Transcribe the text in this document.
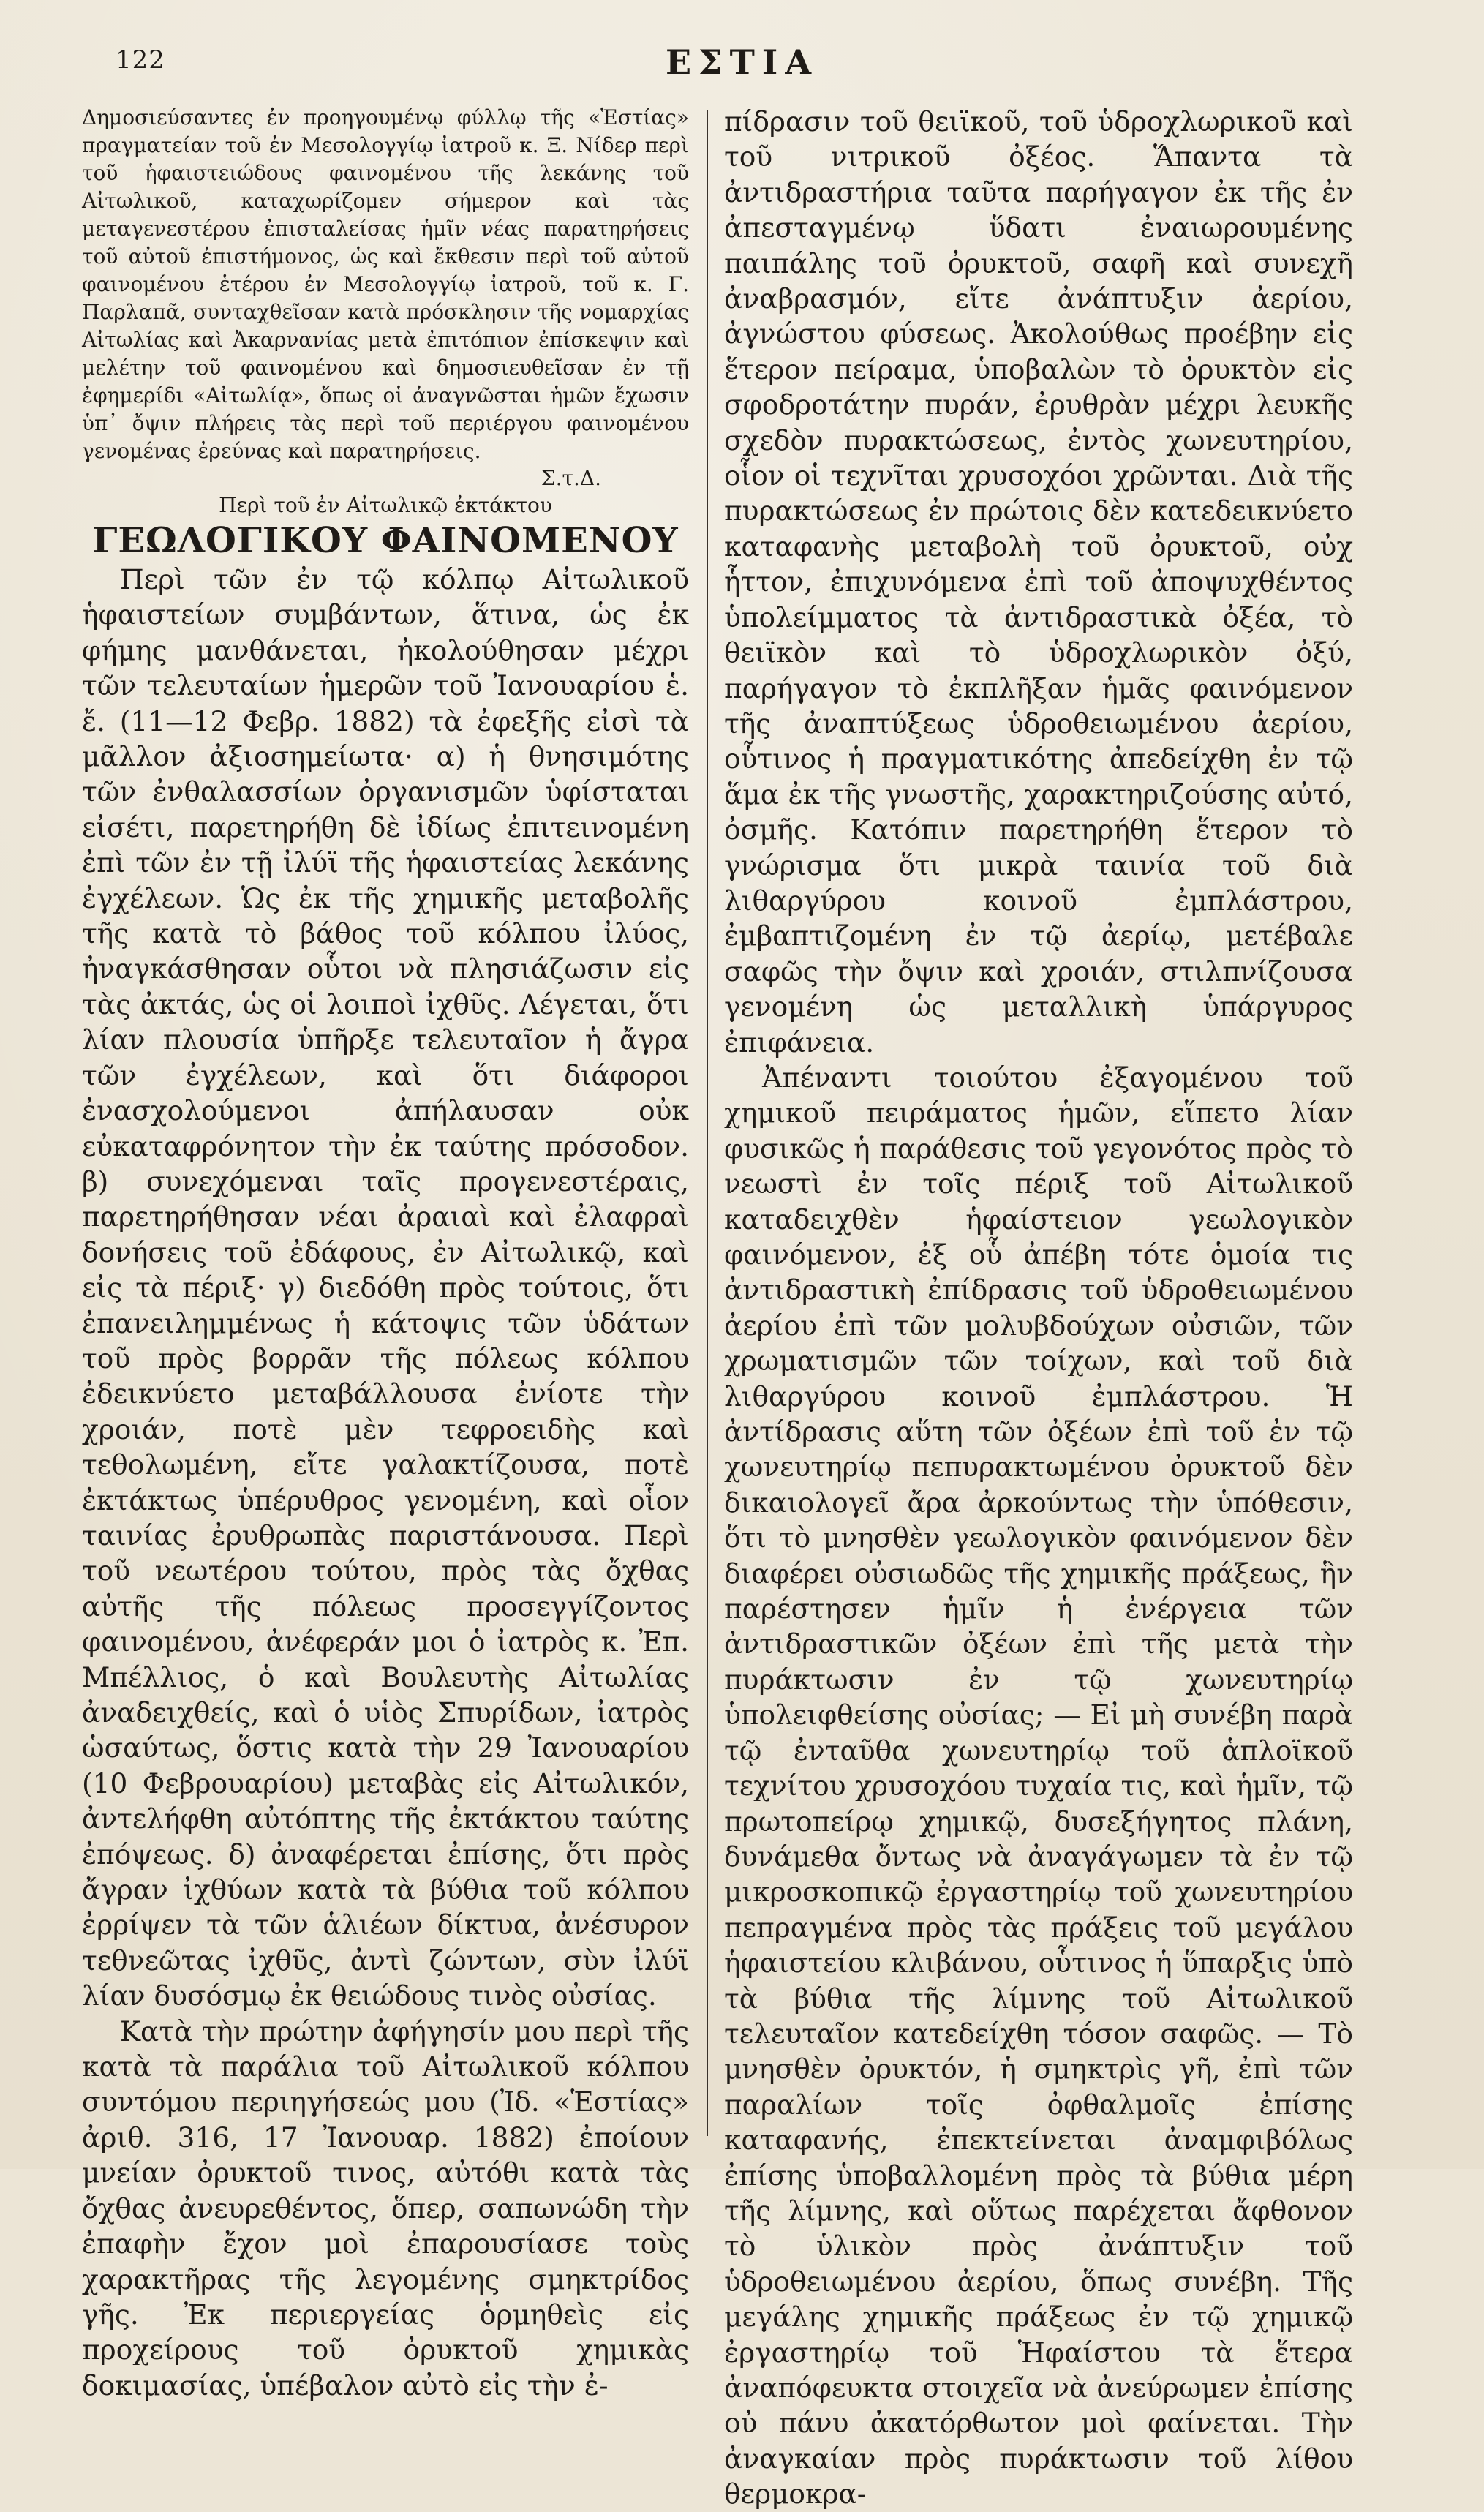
122	ΕΣΤΙΑ

Δημοσιεύσαντες ἐν προηγουμένῳ φύλλῳ τῆς «Ἑστίας» πραγματείαν τοῦ ἐν Μεσολογγίῳ ἰατροῦ κ. Ξ. Νίδερ περὶ τοῦ ἡφαιστειώδους φαινομένου τῆς λεκάνης τοῦ Αἰτωλικοῦ, καταχωρίζομεν σήμερον καὶ τὰς μεταγενεστέρου ἐπισταλείσας ἡμῖν νέας παρατηρήσεις τοῦ αὐτοῦ ἐπιστήμονος, ὡς καὶ ἔκθεσιν περὶ τοῦ αὐτοῦ φαινομένου ἑτέρου ἐν Μεσολογγίῳ ἰατροῦ, τοῦ κ. Γ. Παρλαπᾶ, συνταχθεῖσαν κατὰ πρόσκλησιν τῆς νομαρχίας Αἰτωλίας καὶ Ἀκαρνανίας μετὰ ἐπιτόπιον ἐπίσκεψιν καὶ μελέτην τοῦ φαινομένου καὶ δημοσιευθεῖσαν ἐν τῇ ἐφημερίδι «Αἰτωλίᾳ», ὅπως οἱ ἀναγνῶσται ἡμῶν ἔχωσιν ὑπ᾽ ὄψιν πλήρεις τὰς περὶ τοῦ περιέργου φαινομένου γενομένας ἐρεύνας καὶ παρατηρήσεις.

Σ.τ.Δ.

Περὶ τοῦ ἐν Αἰτωλικῷ ἐκτάκτου

ΓΕΩΛΟΓΙΚΟΥ ΦΑΙΝΟΜΕΝΟΥ

Περὶ τῶν ἐν τῷ κόλπῳ Αἰτωλικοῦ ἡφαιστείων συμβάντων, ἅτινα, ὡς ἐκ φήμης μανθάνεται, ἠκολούθησαν μέχρι τῶν τελευταίων ἡμερῶν τοῦ Ἰανουαρίου ἑ. ἔ. (11—12 Φεβρ. 1882) τὰ ἐφεξῆς εἰσὶ τὰ μᾶλλον ἀξιοσημείωτα· α) ἡ θνησιμότης τῶν ἐνθαλασσίων ὀργανισμῶν ὑφίσταται εἰσέτι, παρετηρήθη δὲ ἰδίως ἐπιτεινομένη ἐπὶ τῶν ἐν τῇ ἰλύϊ τῆς ἡφαιστείας λεκάνης ἐγχέλεων. Ὡς ἐκ τῆς χημικῆς μεταβολῆς τῆς κατὰ τὸ βάθος τοῦ κόλπου ἰλύος, ἠναγκάσθησαν οὗτοι νὰ πλησιάζωσιν εἰς τὰς ἀκτάς, ὡς οἱ λοιποὶ ἰχθῦς. Λέγεται, ὅτι λίαν πλουσία ὑπῆρξε τελευταῖον ἡ ἄγρα τῶν ἐγχέλεων, καὶ ὅτι διάφοροι ἐνασχολούμενοι ἀπήλαυσαν οὐκ εὐκαταφρόνητον τὴν ἐκ ταύτης πρόσοδον. β) συνεχόμεναι ταῖς προγενεστέραις, παρετηρήθησαν νέαι ἀραιαὶ καὶ ἐλαφραὶ δονήσεις τοῦ ἐδάφους, ἐν Αἰτωλικῷ, καὶ εἰς τὰ πέριξ· γ) διεδόθη πρὸς τούτοις, ὅτι ἐπανειλημμένως ἡ κάτοψις τῶν ὑδάτων τοῦ πρὸς βορρᾶν τῆς πόλεως κόλπου ἐδεικνύετο μεταβάλλουσα ἐνίοτε τὴν χροιάν, ποτὲ μὲν τεφροειδὴς καὶ τεθολωμένη, εἴτε γαλακτίζουσα, ποτὲ ἐκτάκτως ὑπέρυθρος γενομένη, καὶ οἷον ταινίας ἐρυθρωπὰς παριστάνουσα. Περὶ τοῦ νεωτέρου τούτου, πρὸς τὰς ὄχθας αὐτῆς τῆς πόλεως προσεγγίζοντος φαινομένου, ἀνέφεράν μοι ὁ ἰατρὸς κ. Ἐπ. Μπέλλιος, ὁ καὶ Βουλευτὴς Αἰτωλίας ἀναδειχθείς, καὶ ὁ υἱὸς Σπυρίδων, ἰατρὸς ὡσαύτως, ὅστις κατὰ τὴν 29 Ἰανουαρίου (10 Φεβρουαρίου) μεταβὰς εἰς Αἰτωλικόν, ἀντελήφθη αὐτόπτης τῆς ἐκτάκτου ταύτης ἐπόψεως. δ) ἀναφέρεται ἐπίσης, ὅτι πρὸς ἄγραν ἰχθύων κατὰ τὰ βύθια τοῦ κόλπου ἐρρίψεν τὰ τῶν ἁλιέων δίκτυα, ἀνέσυρον τεθνεῶτας ἰχθῦς, ἀντὶ ζώντων, σὺν ἰλύϊ λίαν δυσόσμῳ ἐκ θειώδους τινὸς οὐσίας.

Κατὰ τὴν πρώτην ἀφήγησίν μου περὶ τῆς κατὰ τὰ παράλια τοῦ Αἰτωλικοῦ κόλπου συντόμου περιηγήσεώς μου (Ἰδ. «Ἑστίας» ἀριθ. 316, 17 Ἰανουαρ. 1882) ἐποίουν μνείαν ὀρυκτοῦ τινος, αὐτόθι κατὰ τὰς ὄχθας ἀνευρεθέντος, ὅπερ, σαπωνώδη τὴν ἐπαφὴν ἔχον μοὶ ἐπαρουσίασε τοὺς χαρακτῆρας τῆς λεγομένης σμηκτρίδος γῆς. Ἐκ περιεργείας ὁρμηθεὶς εἰς προχείρους τοῦ ὀρυκτοῦ χημικὰς δοκιμασίας, ὑπέβαλον αὐτὸ εἰς τὴν ἐ-

πίδρασιν τοῦ θειϊκοῦ, τοῦ ὑδροχλωρικοῦ καὶ τοῦ νιτρικοῦ ὀξέος. Ἅπαντα τὰ ἀντιδραστήρια ταῦτα παρήγαγον ἐκ τῆς ἐν ἀπεσταγμένῳ ὕδατι ἐναιωρουμένης παιπάλης τοῦ ὀρυκτοῦ, σαφῆ καὶ συνεχῆ ἀναβρασμόν, εἴτε ἀνάπτυξιν ἀερίου, ἀγνώστου φύσεως. Ἀκολούθως προέβην εἰς ἕτερον πείραμα, ὑποβαλὼν τὸ ὀρυκτὸν εἰς σφοδροτάτην πυράν, ἐρυθρὰν μέχρι λευκῆς σχεδὸν πυρακτώσεως, ἐντὸς χωνευτηρίου, οἷον οἱ τεχνῖται χρυσοχόοι χρῶνται. Διὰ τῆς πυρακτώσεως ἐν πρώτοις δὲν κατεδεικνύετο καταφανὴς μεταβολὴ τοῦ ὀρυκτοῦ, οὐχ ἧττον, ἐπιχυνόμενα ἐπὶ τοῦ ἀποψυχθέντος ὑπολείμματος τὰ ἀντιδραστικὰ ὀξέα, τὸ θειϊκὸν καὶ τὸ ὑδροχλωρικὸν ὀξύ, παρήγαγον τὸ ἐκπλῆξαν ἡμᾶς φαινόμενον τῆς ἀναπτύξεως ὑδροθειωμένου ἀερίου, οὗτινος ἡ πραγματικότης ἀπεδείχθη ἐν τῷ ἅμα ἐκ τῆς γνωστῆς, χαρακτηριζούσης αὐτό, ὀσμῆς. Κατόπιν παρετηρήθη ἕτερον τὸ γνώρισμα ὅτι μικρὰ ταινία τοῦ διὰ λιθαργύρου κοινοῦ ἐμπλάστρου, ἐμβαπτιζομένη ἐν τῷ ἀερίῳ, μετέβαλε σαφῶς τὴν ὄψιν καὶ χροιάν, στιλπνίζουσα γενομένη ὡς μεταλλικὴ ὑπάργυρος ἐπιφάνεια.

Ἀπέναντι τοιούτου ἐξαγομένου τοῦ χημικοῦ πειράματος ἡμῶν, εἵπετο λίαν φυσικῶς ἡ παράθεσις τοῦ γεγονότος πρὸς τὸ νεωστὶ ἐν τοῖς πέριξ τοῦ Αἰτωλικοῦ καταδειχθὲν ἡφαίστειον γεωλογικὸν φαινόμενον, ἐξ οὗ ἀπέβη τότε ὁμοία τις ἀντιδραστικὴ ἐπίδρασις τοῦ ὑδροθειωμένου ἀερίου ἐπὶ τῶν μολυβδούχων οὐσιῶν, τῶν χρωματισμῶν τῶν τοίχων, καὶ τοῦ διὰ λιθαργύρου κοινοῦ ἐμπλάστρου. Ἡ ἀντίδρασις αὕτη τῶν ὀξέων ἐπὶ τοῦ ἐν τῷ χωνευτηρίῳ πεπυρακτωμένου ὀρυκτοῦ δὲν δικαιολογεῖ ἄρα ἀρκούντως τὴν ὑπόθεσιν, ὅτι τὸ μνησθὲν γεωλογικὸν φαινόμενον δὲν διαφέρει οὐσιωδῶς τῆς χημικῆς πράξεως, ἣν παρέστησεν ἡμῖν ἡ ἐνέργεια τῶν ἀντιδραστικῶν ὀξέων ἐπὶ τῆς μετὰ τὴν πυράκτωσιν ἐν τῷ χωνευτηρίῳ ὑπολειφθείσης οὐσίας; — Εἰ μὴ συνέβη παρὰ τῷ ἐνταῦθα χωνευτηρίῳ τοῦ ἁπλοϊκοῦ τεχνίτου χρυσοχόου τυχαία τις, καὶ ἡμῖν, τῷ πρωτοπείρῳ χημικῷ, δυσεξήγητος πλάνη, δυνάμεθα ὄντως νὰ ἀναγάγωμεν τὰ ἐν τῷ μικροσκοπικῷ ἐργαστηρίῳ τοῦ χωνευτηρίου πεπραγμένα πρὸς τὰς πράξεις τοῦ μεγάλου ἡφαιστείου κλιβάνου, οὗτινος ἡ ὕπαρξις ὑπὸ τὰ βύθια τῆς λίμνης τοῦ Αἰτωλικοῦ τελευταῖον κατεδείχθη τόσον σαφῶς. — Τὸ μνησθὲν ὀρυκτόν, ἡ σμηκτρὶς γῆ, ἐπὶ τῶν παραλίων τοῖς ὀφθαλμοῖς ἐπίσης καταφανής, ἐπεκτείνεται ἀναμφιβόλως ἐπίσης ὑποβαλλομένη πρὸς τὰ βύθια μέρη τῆς λίμνης, καὶ οὕτως παρέχεται ἄφθονον τὸ ὑλικὸν πρὸς ἀνάπτυξιν τοῦ ὑδροθειωμένου ἀερίου, ὅπως συνέβη. Τῆς μεγάλης χημικῆς πράξεως ἐν τῷ χημικῷ ἐργαστηρίῳ τοῦ Ἡφαίστου τὰ ἕτερα ἀναπόφευκτα στοιχεῖα νὰ ἀνεύρωμεν ἐπίσης οὐ πάνυ ἀκατόρθωτον μοὶ φαίνεται. Τὴν ἀναγκαίαν πρὸς πυράκτωσιν τοῦ λίθου θερμοκρα-
